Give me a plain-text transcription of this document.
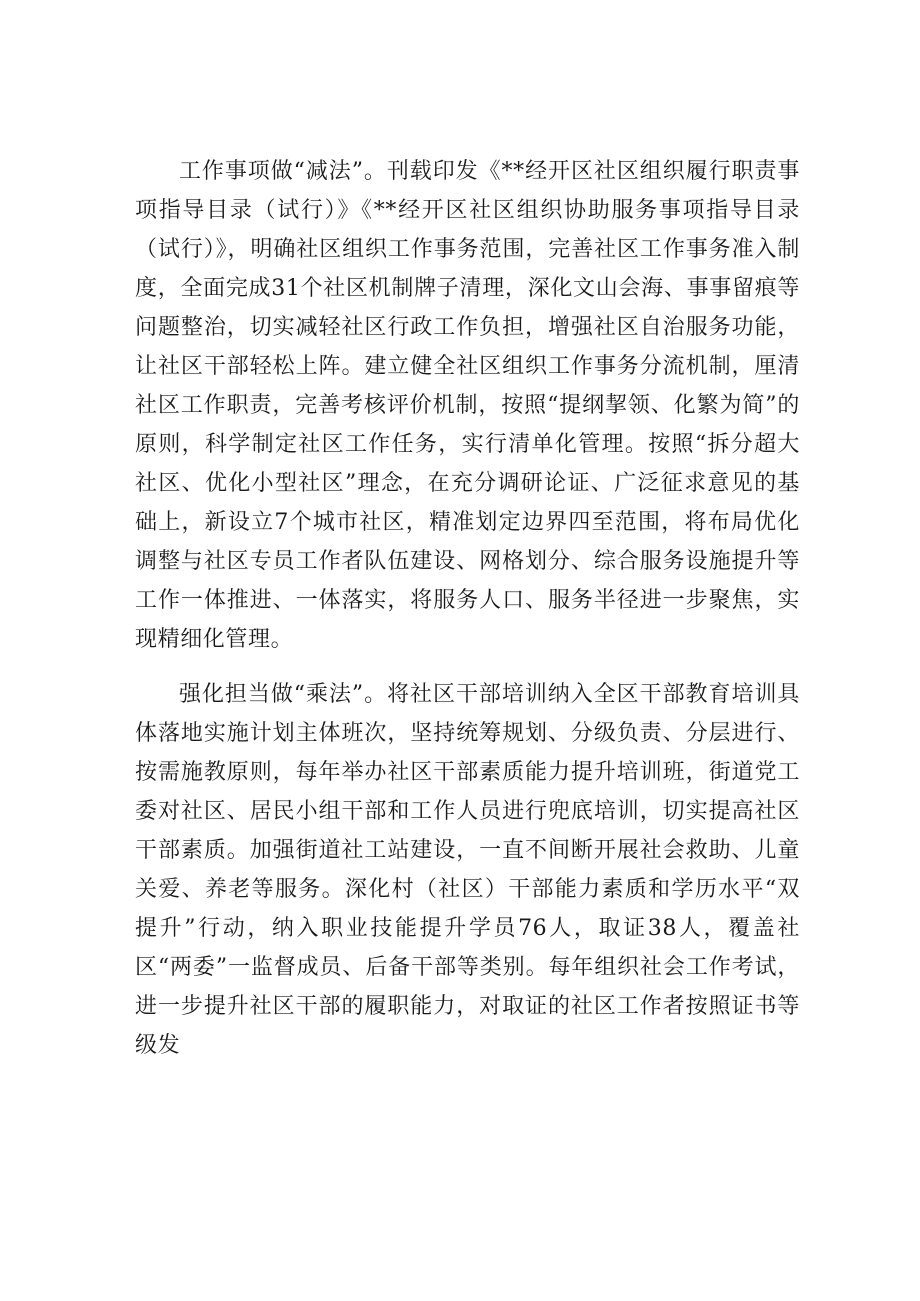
工作事项做“减法”。刊载印发《**经开区社区组织履行职责事项指导目录（试行）》《**经开区社区组织协助服务事项指导目录（试行）》，明确社区组织工作事务范围，完善社区工作事务准入制度，全面完成31个社区机制牌子清理，深化文山会海、事事留痕等问题整治，切实减轻社区行政工作负担，增强社区自治服务功能，让社区干部轻松上阵。建立健全社区组织工作事务分流机制，厘清社区工作职责，完善考核评价机制，按照“提纲挈领、化繁为简”的原则，科学制定社区工作任务，实行清单化管理。按照“拆分超大社区、优化小型社区”理念，在充分调研论证、广泛征求意见的基础上，新设立7个城市社区，精准划定边界四至范围，将布局优化调整与社区专员工作者队伍建设、网格划分、综合服务设施提升等工作一体推进、一体落实，将服务人口、服务半径进一步聚焦，实现精细化管理。

强化担当做“乘法”。将社区干部培训纳入全区干部教育培训具体落地实施计划主体班次，坚持统筹规划、分级负责、分层进行、按需施教原则，每年举办社区干部素质能力提升培训班，街道党工委对社区、居民小组干部和工作人员进行兜底培训，切实提高社区干部素质。加强街道社工站建设，一直不间断开展社会救助、儿童关爱、养老等服务。深化村（社区）干部能力素质和学历水平“双提升”行动，纳入职业技能提升学员76人，取证38人，覆盖社区“两委”一监督成员、后备干部等类别。每年组织社会工作考试，进一步提升社区干部的履职能力，对取证的社区工作者按照证书等级发
